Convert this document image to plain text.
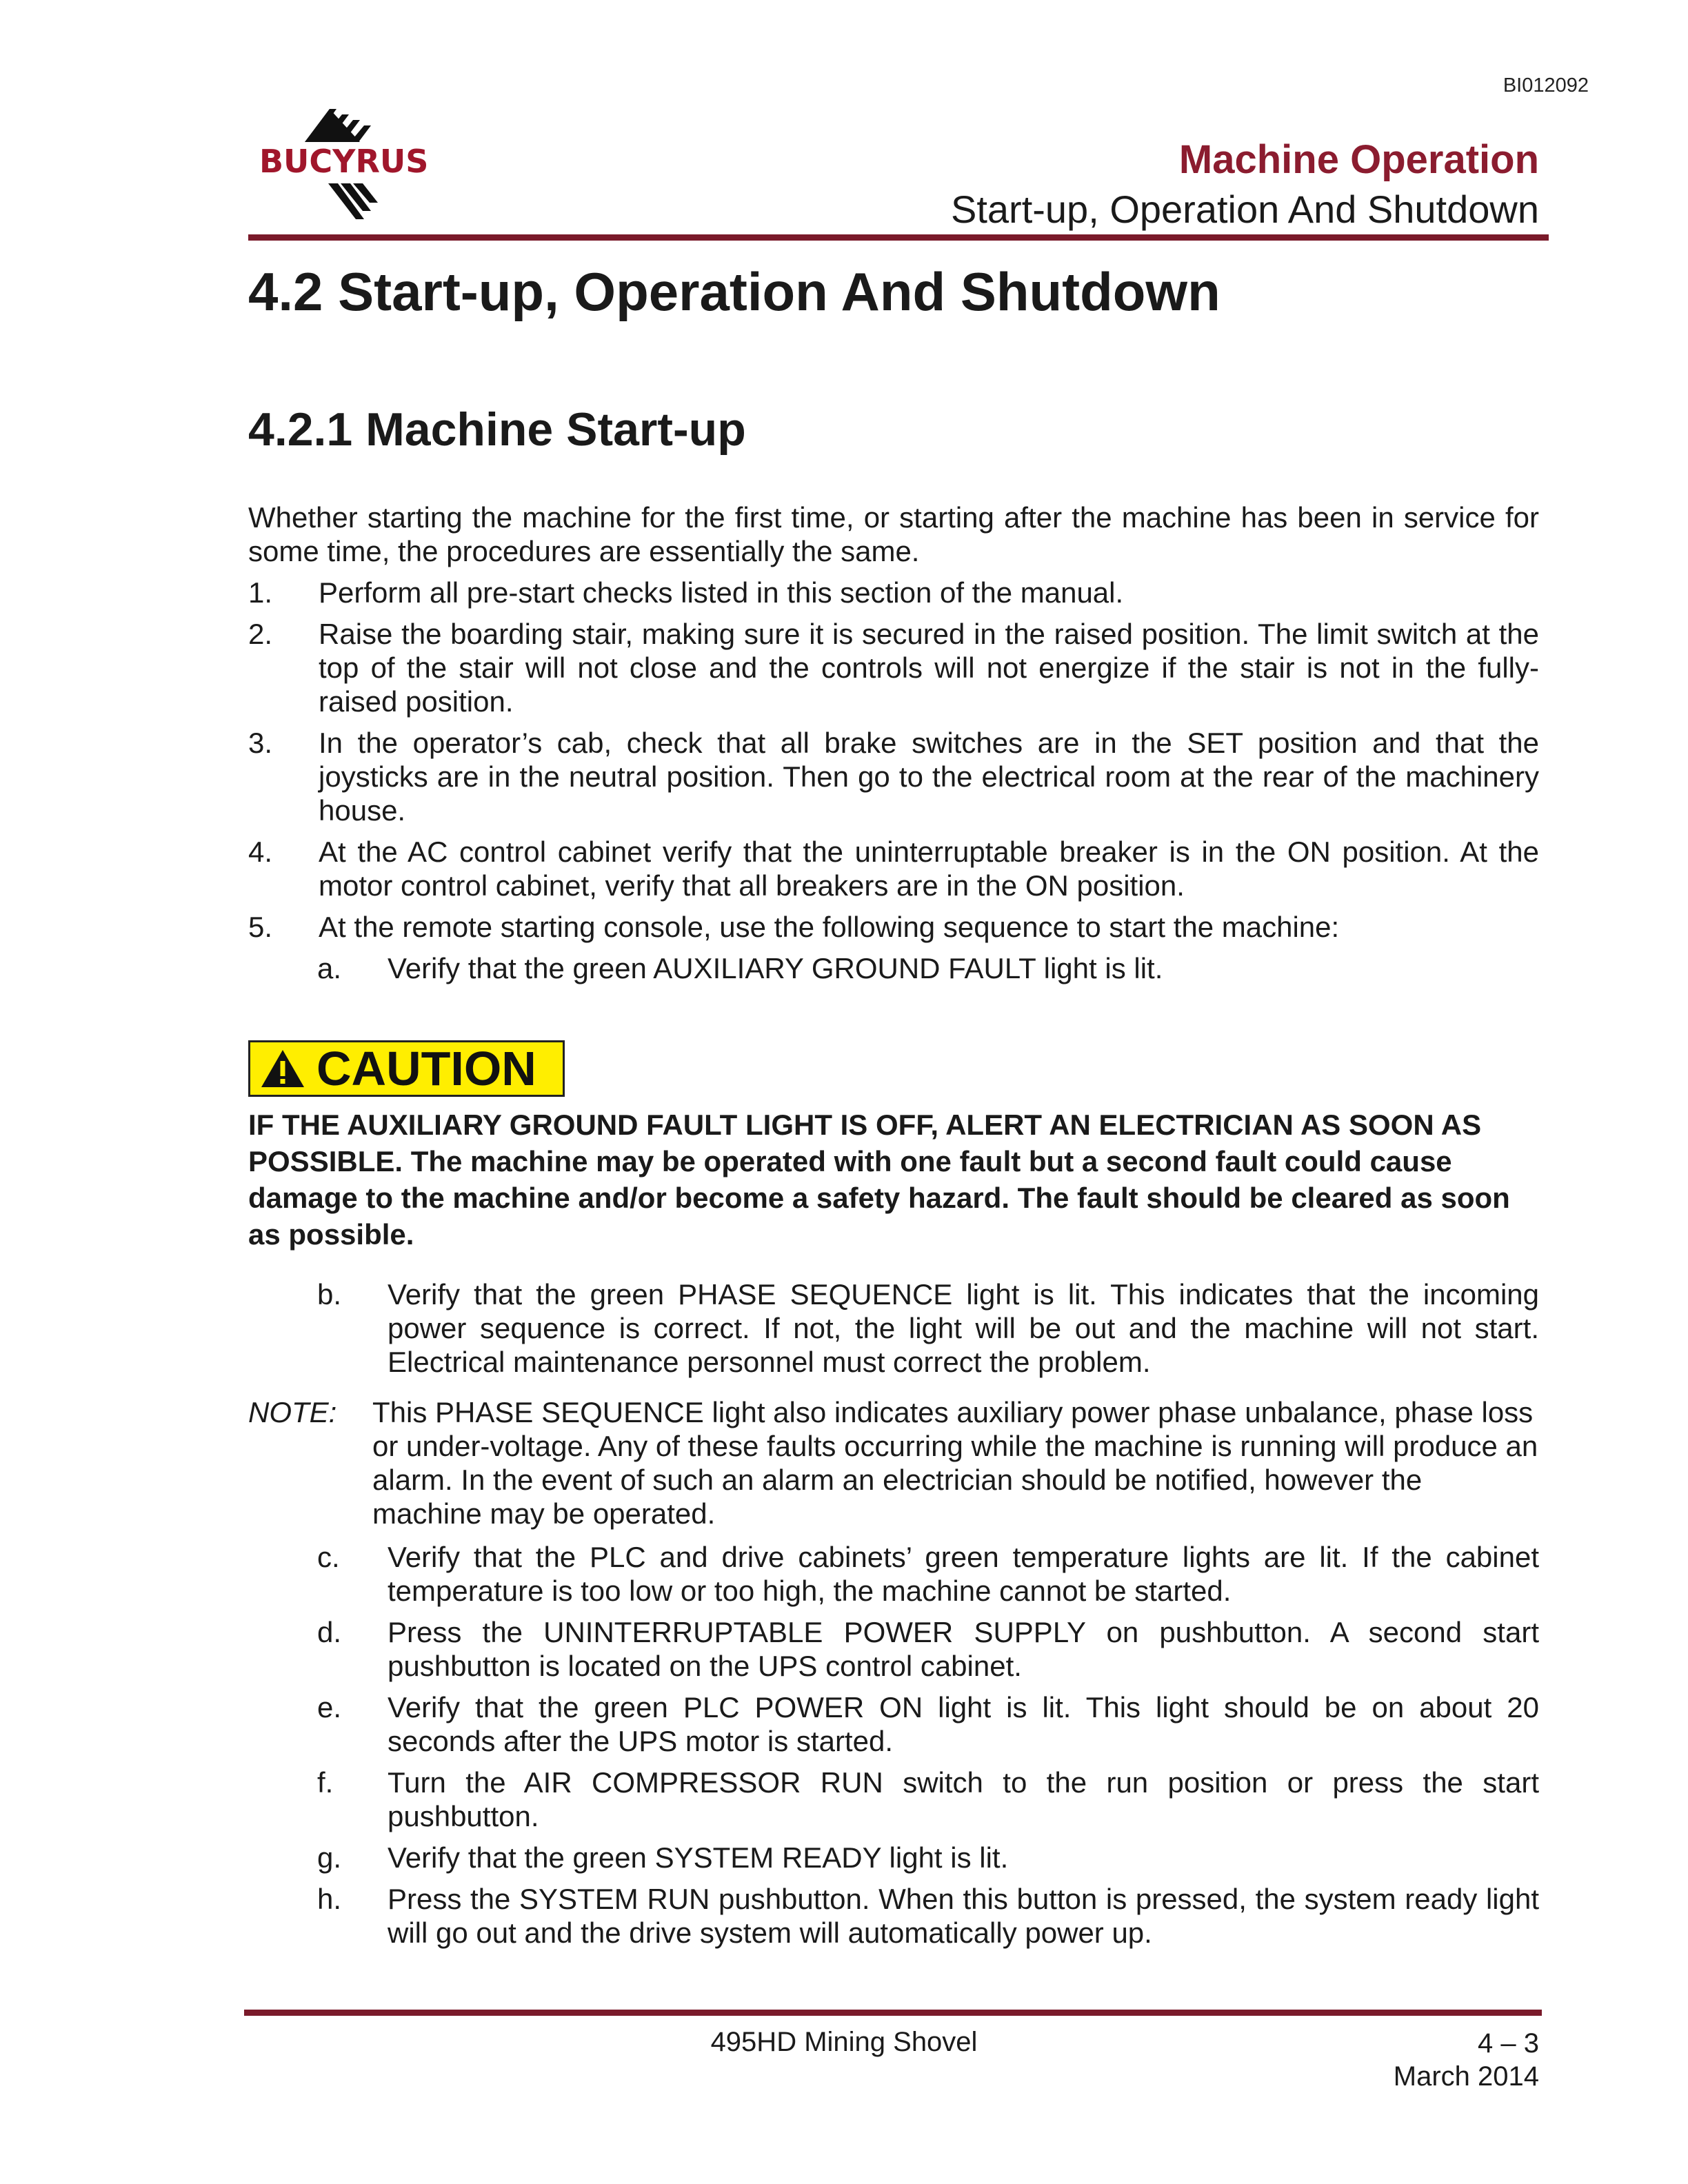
BI012092
BUCYRUS	Machine Operation
Start-up, Operation And Shutdown
4.2 Start-up, Operation And Shutdown
4.2.1 Machine Start-up

Whether starting the machine for the first time, or starting after the machine has been in service for some time, the procedures are essentially the same.

1.	Perform all pre-start checks listed in this section of the manual.
2.	Raise the boarding stair, making sure it is secured in the raised position. The limit switch at the top of the stair will not close and the controls will not energize if the stair is not in the fully-raised position.
3.	In the operator’s cab, check that all brake switches are in the SET position and that the joysticks are in the neutral position. Then go to the electrical room at the rear of the machinery house.
4.	At the AC control cabinet verify that the uninterruptable breaker is in the ON position. At the motor control cabinet, verify that all breakers are in the ON position.
5.	At the remote starting console, use the following sequence to start the machine:
a.	Verify that the green AUXILIARY GROUND FAULT light is lit.
CAUTION
IF THE AUXILIARY GROUND FAULT LIGHT IS OFF, ALERT AN ELECTRICIAN AS SOON AS POSSIBLE. The machine may be operated with one fault but a second fault could cause damage to the machine and/or become a safety hazard. The fault should be cleared as soon as possible.
b.	Verify that the green PHASE SEQUENCE light is lit. This indicates that the incoming power sequence is correct. If not, the light will be out and the machine will not start. Electrical maintenance personnel must correct the problem.
NOTE:	This PHASE SEQUENCE light also indicates auxiliary power phase unbalance, phase loss or under-voltage. Any of these faults occurring while the machine is running will produce an alarm. In the event of such an alarm an electrician should be notified, however the machine may be operated.
c.	Verify that the PLC and drive cabinets’ green temperature lights are lit. If the cabinet temperature is too low or too high, the machine cannot be started.
d.	Press the UNINTERRUPTABLE POWER SUPPLY on pushbutton. A second start pushbutton is located on the UPS control cabinet.
e.	Verify that the green PLC POWER ON light is lit. This light should be on about 20 seconds after the UPS motor is started.
f.	Turn the AIR COMPRESSOR RUN switch to the run position or press the start pushbutton.
g.	Verify that the green SYSTEM READY light is lit.
h.	Press the SYSTEM RUN pushbutton. When this button is pressed, the system ready light will go out and the drive system will automatically power up.
495HD Mining Shovel	4 – 3
March 2014
